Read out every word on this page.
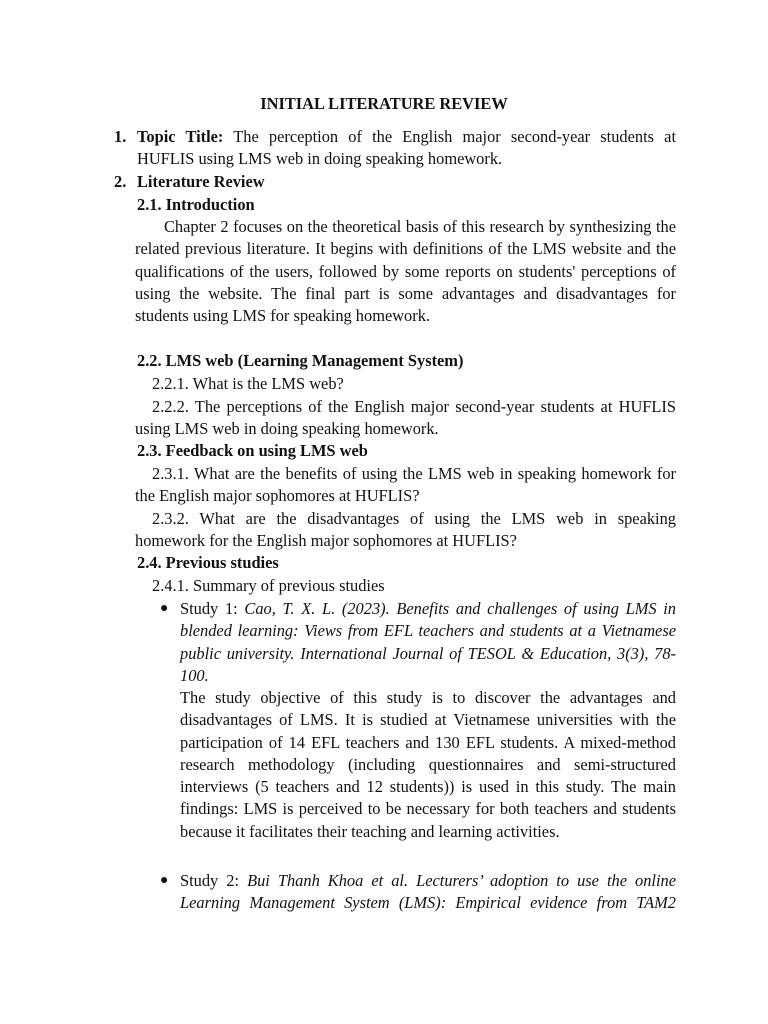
INITIAL LITERATURE REVIEW
1. Topic Title: The perception of the English major second-year students at HUFLIS using LMS web in doing speaking homework.
2. Literature Review
2.1. Introduction
Chapter 2 focuses on the theoretical basis of this research by synthesizing the related previous literature. It begins with definitions of the LMS website and the qualifications of the users, followed by some reports on students' perceptions of using the website. The final part is some advantages and disadvantages for students using LMS for speaking homework.
2.2. LMS web (Learning Management System)
2.2.1. What is the LMS web?
2.2.2. The perceptions of the English major second-year students at HUFLIS using LMS web in doing speaking homework.
2.3. Feedback on using LMS web
2.3.1. What are the benefits of using the LMS web in speaking homework for the English major sophomores at HUFLIS?
2.3.2. What are the disadvantages of using the LMS web in speaking homework for the English major sophomores at HUFLIS?
2.4. Previous studies
2.4.1. Summary of previous studies
● Study 1: Cao, T. X. L. (2023). Benefits and challenges of using LMS in blended learning: Views from EFL teachers and students at a Vietnamese public university. International Journal of TESOL & Education, 3(3), 78-100.
The study objective of this study is to discover the advantages and disadvantages of LMS. It is studied at Vietnamese universities with the participation of 14 EFL teachers and 130 EFL students. A mixed-method research methodology (including questionnaires and semi-structured interviews (5 teachers and 12 students)) is used in this study. The main findings: LMS is perceived to be necessary for both teachers and students because it facilitates their teaching and learning activities.
● Study 2: Bui Thanh Khoa et al. Lecturers’ adoption to use the online Learning Management System (LMS): Empirical evidence from TAM2
